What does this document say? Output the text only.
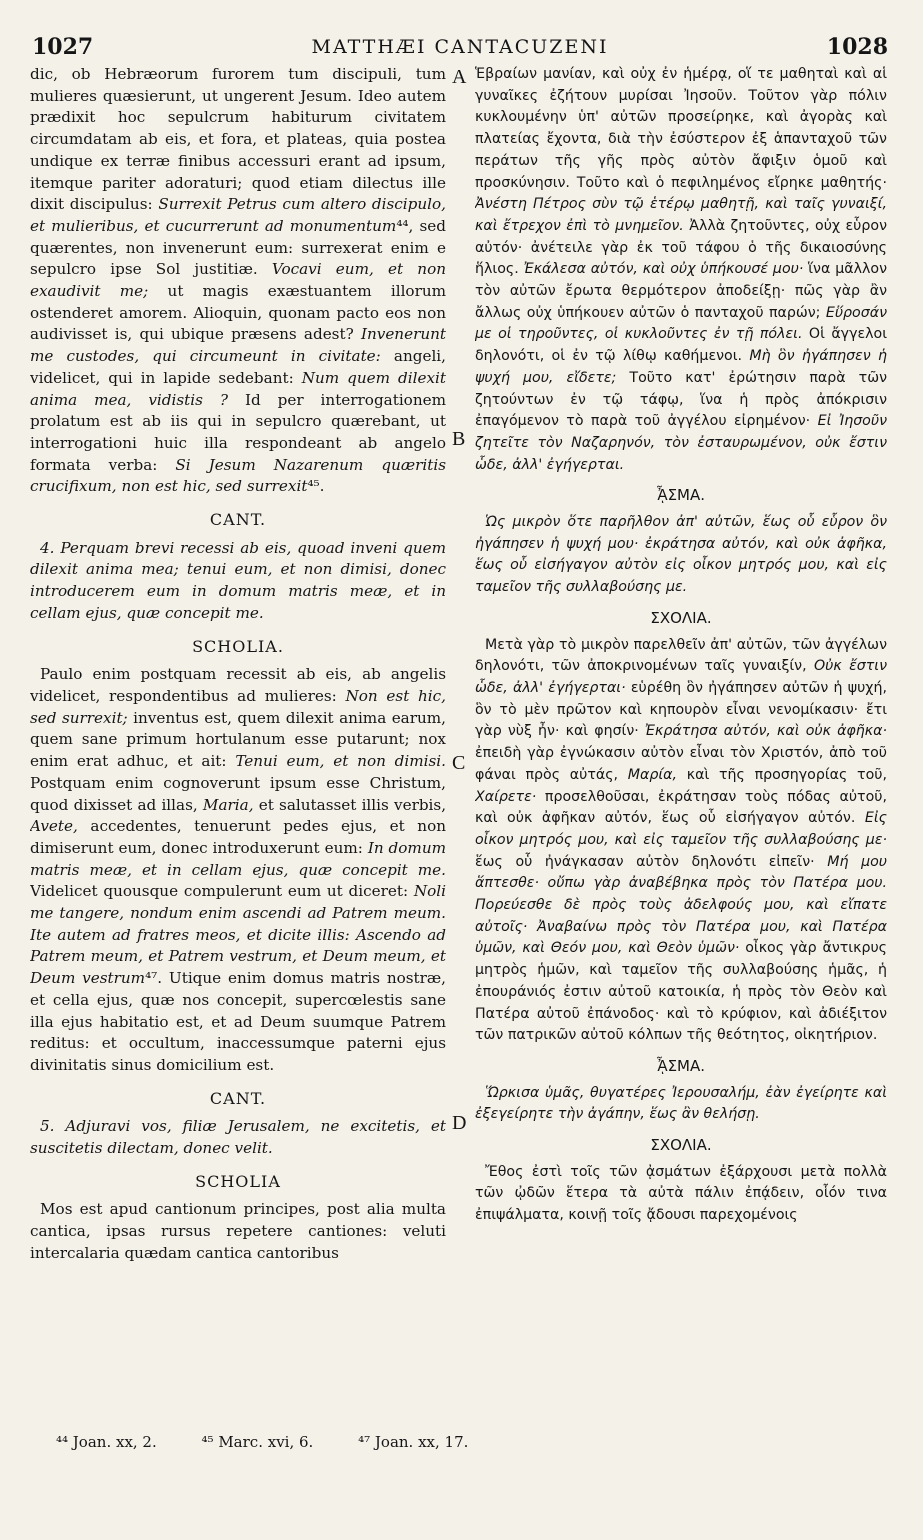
1027	MATTHÆI CANTACUZENI	1028

dic, ob Hebræorum furorem tum discipuli, tum mulieres quæsierunt, ut ungerent Jesum. Ideo autem prædixit hoc sepulcrum habiturum civitatem circumdatam ab eis, et fora, et plateas, quia postea undique ex terræ finibus accessuri erant ad ipsum, itemque pariter adoraturi; quod etiam dilectus ille dixit discipulus: Surrexit Petrus cum altero discipulo, et mulieribus, et cucurrerunt ad monumentum⁴⁴, sed quærentes, non invenerunt eum: surrexerat enim e sepulcro ipse Sol justitiæ. Vocavi eum, et non exaudivit me; ut magis exæstuantem illorum ostenderet amorem. Alioquin, quonam pacto eos non audivisset is, qui ubique præsens adest? Invenerunt me custodes, qui circumeunt in civitate: angeli, videlicet, qui in lapide sedebant: Num quem dilexit anima mea, vidistis ? Id per interrogationem prolatum est ab iis qui in sepulcro quærebant, ut interrogationi huic illa respondeant ab angelo formata verba: Si Jesum Nazarenum quæritis crucifixum, non est hic, sed surrexit⁴⁵.

CANT.

4. Perquam brevi recessi ab eis, quoad inveni quem dilexit anima mea; tenui eum, et non dimisi, donec introducerem eum in domum matris meæ, et in cellam ejus, quæ concepit me.

SCHOLIA.

Paulo enim postquam recessit ab eis, ab angelis videlicet, respondentibus ad mulieres: Non est hic, sed surrexit; inventus est, quem dilexit anima earum, quem sane primum hortulanum esse putarunt; nox enim erat adhuc, et ait: Tenui eum, et non dimisi. Postquam enim cognoverunt ipsum esse Christum, quod dixisset ad illas, Maria, et salutasset illis verbis, Avete, accedentes, tenuerunt pedes ejus, et non dimiserunt eum, donec introduxerunt eum: In domum matris meæ, et in cellam ejus, quæ concepit me. Videlicet quousque compulerunt eum ut diceret: Noli me tangere, nondum enim ascendi ad Patrem meum. Ite autem ad fratres meos, et dicite illis: Ascendo ad Patrem meum, et Patrem vestrum, et Deum meum, et Deum vestrum⁴⁷. Utique enim domus matris nostræ, et cella ejus, quæ nos concepit, supercœlestis sane illa ejus habitatio est, et ad Deum suumque Patrem reditus: et occultum, inaccessumque paterni ejus divinitatis sinus domicilium est.

CANT.

5. Adjuravi vos, filiæ Jerusalem, ne excitetis, et suscitetis dilectam, donec velit.

SCHOLIA

Mos est apud cantionum principes, post alia multa cantica, ipsas rursus repetere cantiones: veluti intercalaria quædam cantica cantoribus

Ἑβραίων μανίαν, καὶ οὐχ ἐν ἡμέρᾳ, οἵ τε μαθηταὶ καὶ αἱ γυναῖκες ἐζήτουν μυρίσαι Ἰησοῦν. Τοῦτον γὰρ πόλιν κυκλουμένην ὑπ' αὐτῶν προσείρηκε, καὶ ἀγορὰς καὶ πλατείας ἔχοντα, διὰ τὴν ἐσύστερον ἐξ ἁπανταχοῦ τῶν περάτων τῆς γῆς πρὸς αὐτὸν ἄφιξιν ὁμοῦ καὶ προσκύνησιν. Τοῦτο καὶ ὁ πεφιλημένος εἴρηκε μαθητής· Ἀνέστη Πέτρος σὺν τῷ ἑτέρῳ μαθητῇ, καὶ ταῖς γυναιξί, καὶ ἔτρεχον ἐπὶ τὸ μνημεῖον. Ἀλλὰ ζητοῦντες, οὐχ εὗρον αὐτόν· ἀνέτειλε γὰρ ἐκ τοῦ τάφου ὁ τῆς δικαιοσύνης ἥλιος. Ἐκάλεσα αὐτόν, καὶ οὐχ ὑπήκουσέ μου· ἵνα μᾶλλον τὸν αὐτῶν ἔρωτα θερμότερον ἀποδείξῃ· πῶς γὰρ ἂν ἄλλως οὐχ ὑπήκουεν αὐτῶν ὁ πανταχοῦ παρών; Εὕροσάν με οἱ τηροῦντες, οἱ κυκλοῦντες ἐν τῇ πόλει. Οἱ ἄγγελοι δηλονότι, οἱ ἐν τῷ λίθῳ καθήμενοι. Μὴ ὃν ἠγάπησεν ἡ ψυχή μου, εἴδετε; Τοῦτο κατ' ἐρώτησιν παρὰ τῶν ζητούντων ἐν τῷ τάφῳ, ἵνα ἡ πρὸς ἀπόκρισιν ἐπαγόμενον τὸ παρὰ τοῦ ἀγγέλου εἰρημένον· Εἰ Ἰησοῦν ζητεῖτε τὸν Ναζαρηνόν, τὸν ἐσταυρωμένον, οὐκ ἔστιν ὧδε, ἀλλ' ἐγήγερται.

ᾎΣΜΑ.

Ὡς μικρὸν ὅτε παρῆλθον ἀπ' αὐτῶν, ἕως οὗ εὗρον ὃν ἠγάπησεν ἡ ψυχή μου· ἐκράτησα αὐτόν, καὶ οὐκ ἀφῆκα, ἕως οὗ εἰσήγαγον αὐτὸν εἰς οἶκον μητρός μου, καὶ εἰς ταμεῖον τῆς συλλαβούσης με.

ΣΧΟΛΙΑ.

Μετὰ γὰρ τὸ μικρὸν παρελθεῖν ἀπ' αὐτῶν, τῶν ἀγγέλων δηλονότι, τῶν ἀποκρινομένων ταῖς γυναιξίν, Οὐκ ἔστιν ὧδε, ἀλλ' ἐγήγερται· εὑρέθη ὃν ἠγάπησεν αὐτῶν ἡ ψυχή, ὃν τὸ μὲν πρῶτον καὶ κηπουρὸν εἶναι νενομίκασιν· ἔτι γὰρ νὺξ ἦν· καὶ φησίν· Ἐκράτησα αὐτόν, καὶ οὐκ ἀφῆκα· ἐπειδὴ γὰρ ἐγνώκασιν αὐτὸν εἶναι τὸν Χριστόν, ἀπὸ τοῦ φάναι πρὸς αὐτάς, Μαρία, καὶ τῆς προσηγορίας τοῦ, Χαίρετε· προσελθοῦσαι, ἐκράτησαν τοὺς πόδας αὐτοῦ, καὶ οὐκ ἀφῆκαν αὐτόν, ἕως οὗ εἰσήγαγον αὐτόν. Εἰς οἶκον μητρός μου, καὶ εἰς ταμεῖον τῆς συλλαβούσης με· ἕως οὗ ἠνάγκασαν αὐτὸν δηλονότι εἰπεῖν· Μή μου ἅπτεσθε· οὔπω γὰρ ἀναβέβηκα πρὸς τὸν Πατέρα μου. Πορεύεσθε δὲ πρὸς τοὺς ἀδελφούς μου, καὶ εἴπατε αὐτοῖς· Ἀναβαίνω πρὸς τὸν Πατέρα μου, καὶ Πατέρα ὑμῶν, καὶ Θεόν μου, καὶ Θεὸν ὑμῶν· οἶκος γὰρ ἄντικρυς μητρὸς ἡμῶν, καὶ ταμεῖον τῆς συλλαβούσης ἡμᾶς, ἡ ἐπουράνιός ἐστιν αὐτοῦ κατοικία, ἡ πρὸς τὸν Θεὸν καὶ Πατέρα αὐτοῦ ἐπάνοδος· καὶ τὸ κρύφιον, καὶ ἀδιέξιτον τῶν πατρικῶν αὐτοῦ κόλπων τῆς θεότητος, οἰκητήριον.

ᾎΣΜΑ.

Ὥρκισα ὑμᾶς, θυγατέρες Ἰερουσαλήμ, ἐὰν ἐγείρητε καὶ ἐξεγείρητε τὴν ἀγάπην, ἕως ἂν θελήσῃ.

ΣΧΟΛΙΑ.

Ἔθος ἐστὶ τοῖς τῶν ᾀσμάτων ἐξάρχουσι μετὰ πολλὰ τῶν ᾠδῶν ἕτερα τὰ αὐτὰ πάλιν ἐπᾴδειν, οἷόν τινα ἐπιψάλματα, κοινῇ τοῖς ᾄδουσι παρεχομένοις

A
B
C
D
⁴⁴ Joan. xx, 2.	⁴⁵ Marc. xvi, 6.	⁴⁷ Joan. xx, 17.
